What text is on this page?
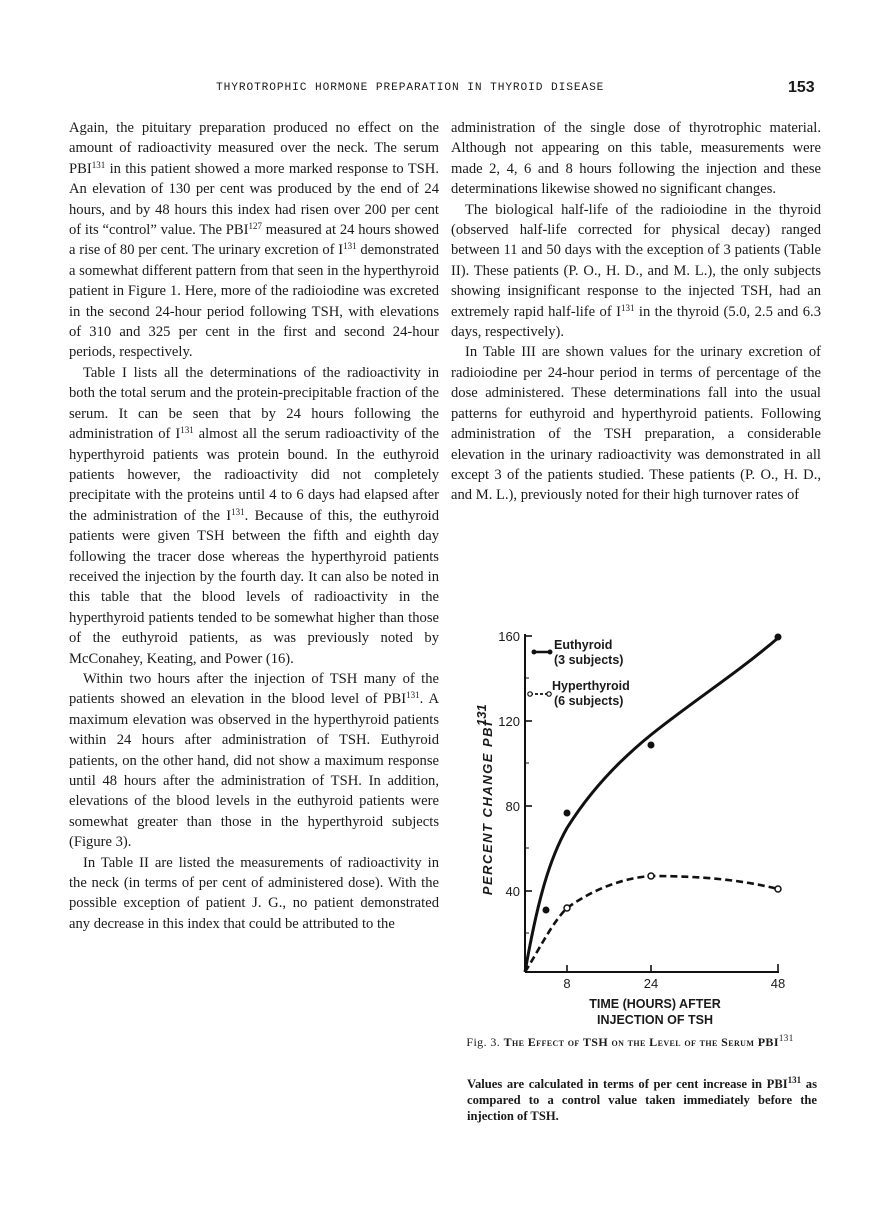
THYROTROPHIC HORMONE PREPARATION IN THYROID DISEASE	153

Again, the pituitary preparation produced no effect on the amount of radioactivity measured over the neck. The serum PBI$^{131}$ in this patient showed a more marked response to TSH. An elevation of 130 per cent was produced by the end of 24 hours, and by 48 hours this index had risen over 200 per cent of its “control” value. The PBI$^{127}$ measured at 24 hours showed a rise of 80 per cent. The urinary excretion of $I^{131}$ demonstrated a somewhat different pattern from that seen in the hyperthyroid patient in Figure 1. Here, more of the radioiodine was excreted in the second 24-hour period following TSH, with elevations of 310 and 325 per cent in the first and second 24-hour periods, respectively.

Table I lists all the determinations of the radioactivity in both the total serum and the protein-precipitable fraction of the serum. It can be seen that by 24 hours following the administration of $I^{131}$ almost all the serum radioactivity of the hyperthyroid patients was protein bound. In the euthyroid patients however, the radioactivity did not completely precipitate with the proteins until 4 to 6 days had elapsed after the administration of the $I^{131}$. Because of this, the euthyroid patients were given TSH between the fifth and eighth day following the tracer dose whereas the hyperthyroid patients received the injection by the fourth day. It can also be noted in this table that the blood levels of radioactivity in the hyperthyroid patients tended to be somewhat higher than those of the euthyroid patients, as was previously noted by McConahey, Keating, and Power (16).

Within two hours after the injection of TSH many of the patients showed an elevation in the blood level of PBI$^{131}$. A maximum elevation was observed in the hyperthyroid patients within 24 hours after administration of TSH. Euthyroid patients, on the other hand, did not show a maximum response until 48 hours after the administration of TSH. In addition, elevations of the blood levels in the euthyroid patients were somewhat greater than those in the hyperthyroid subjects (Figure 3).

In Table II are listed the measurements of radioactivity in the neck (in terms of per cent of administered dose). With the possible exception of patient J. G., no patient demonstrated any decrease in this index that could be attributed to the

administration of the single dose of thyrotrophic material. Although not appearing on this table, measurements were made 2, 4, 6 and 8 hours following the injection and these determinations likewise showed no significant changes.

The biological half-life of the radioiodine in the thyroid (observed half-life corrected for physical decay) ranged between 11 and 50 days with the exception of 3 patients (Table II). These patients (P. O., H. D., and M. L.), the only subjects showing insignificant response to the injected TSH, had an extremely rapid half-life of $I^{131}$ in the thyroid (5.0, 2.5 and 6.3 days, respectively).

In Table III are shown values for the urinary excretion of radioiodine per 24-hour period in terms of percentage of the dose administered. These determinations fall into the usual patterns for euthyroid and hyperthyroid patients. Following administration of the TSH preparation, a considerable elevation in the urinary radioactivity was demonstrated in all except 3 of the patients studied. These patients (P. O., H. D., and M. L.), previously noted for their high turnover rates of

160
120
80
40
8	24	48
PERCENT CHANGE PBI
131
Euthyroid
(3 subjects)
Hyperthyroid
(6 subjects)
TIME (HOURS) AFTER
INJECTION OF TSH
Fig. 3. The Effect of TSH on the Level of the Serum PBI$^{131}$
Values are calculated in terms of per cent increase in PBI$^{131}$ as compared to a control value taken immediately before the injection of TSH.
